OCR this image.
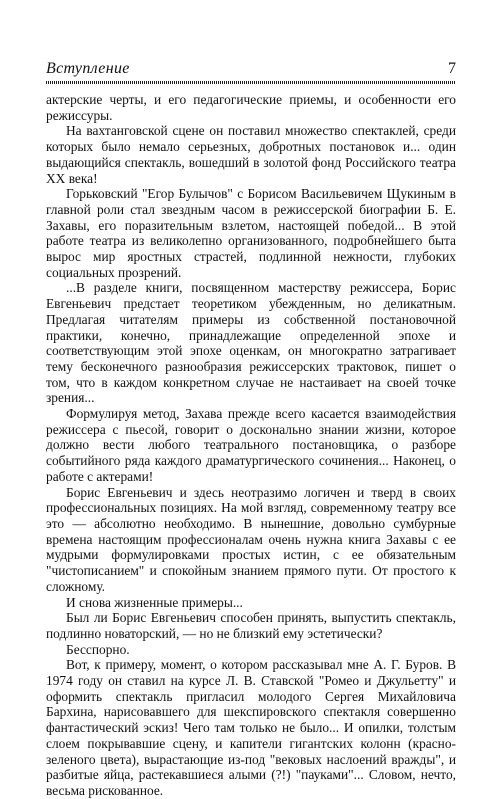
Вступление	7

актерские черты, и его педагогические приемы, и особенности его режиссуры.

На вахтанговской сцене он поставил множество спектаклей, среди которых было немало серьезных, добротных постановок и... один выдающийся спектакль, вошедший в золотой фонд Российского театра XX века!

Горьковский "Егор Булычов" с Борисом Васильевичем Щукиным в главной роли стал звездным часом в режиссерской биографии Б. Е. Захавы, его поразительным взлетом, настоящей победой... В этой работе театра из великолепно организованного, подробнейшего быта вырос мир яростных страстей, подлинной нежности, глубоких социальных прозрений.

...В разделе книги, посвященном мастерству режиссера, Борис Евгеньевич предстает теоретиком убежденным, но деликатным. Предлагая читателям примеры из собственной постановочной практики, конечно, принадлежащие определенной эпохе и соответствующим этой эпохе оценкам, он многократно затрагивает тему бесконечного разнообразия режиссерских трактовок, пишет о том, что в каждом конкретном случае не настаивает на своей точке зрения...

Формулируя метод, Захава прежде всего касается взаимодействия режиссера с пьесой, говорит о досконально знании жизни, которое должно вести любого театрального постановщика, о разборе событийного ряда каждого драматургического сочинения... Наконец, о работе с актерами!

Борис Евгеньевич и здесь неотразимо логичен и тверд в своих профессиональных позициях. На мой взгляд, современному театру все это — абсолютно необходимо. В нынешние, довольно сумбурные времена настоящим профессионалам очень нужна книга Захавы с ее мудрыми формулировками простых истин, с ее обязательным "чистописанием" и спокойным знанием прямого пути. От простого к сложному.

И снова жизненные примеры...

Был ли Борис Евгеньевич способен принять, выпустить спектакль, подлинно новаторский, — но не близкий ему эстетически?

Бесспорно.

Вот, к примеру, момент, о котором рассказывал мне А. Г. Буров. В 1974 году он ставил на курсе Л. В. Ставской "Ромео и Джульетту" и оформить спектакль пригласил молодого Сергея Михайловича Бархина, нарисовавшего для шекспировского спектакля совершенно фантастический эскиз! Чего там только не было... И опилки, толстым слоем покрывавшие сцену, и капители гигантских колонн (красно-зеленого цвета), вырастающие из-под "вековых наслоений вражды", и разбитые яйца, растекавшиеся алыми (?!) "пауками"... Словом, нечто, весьма рискованное.
